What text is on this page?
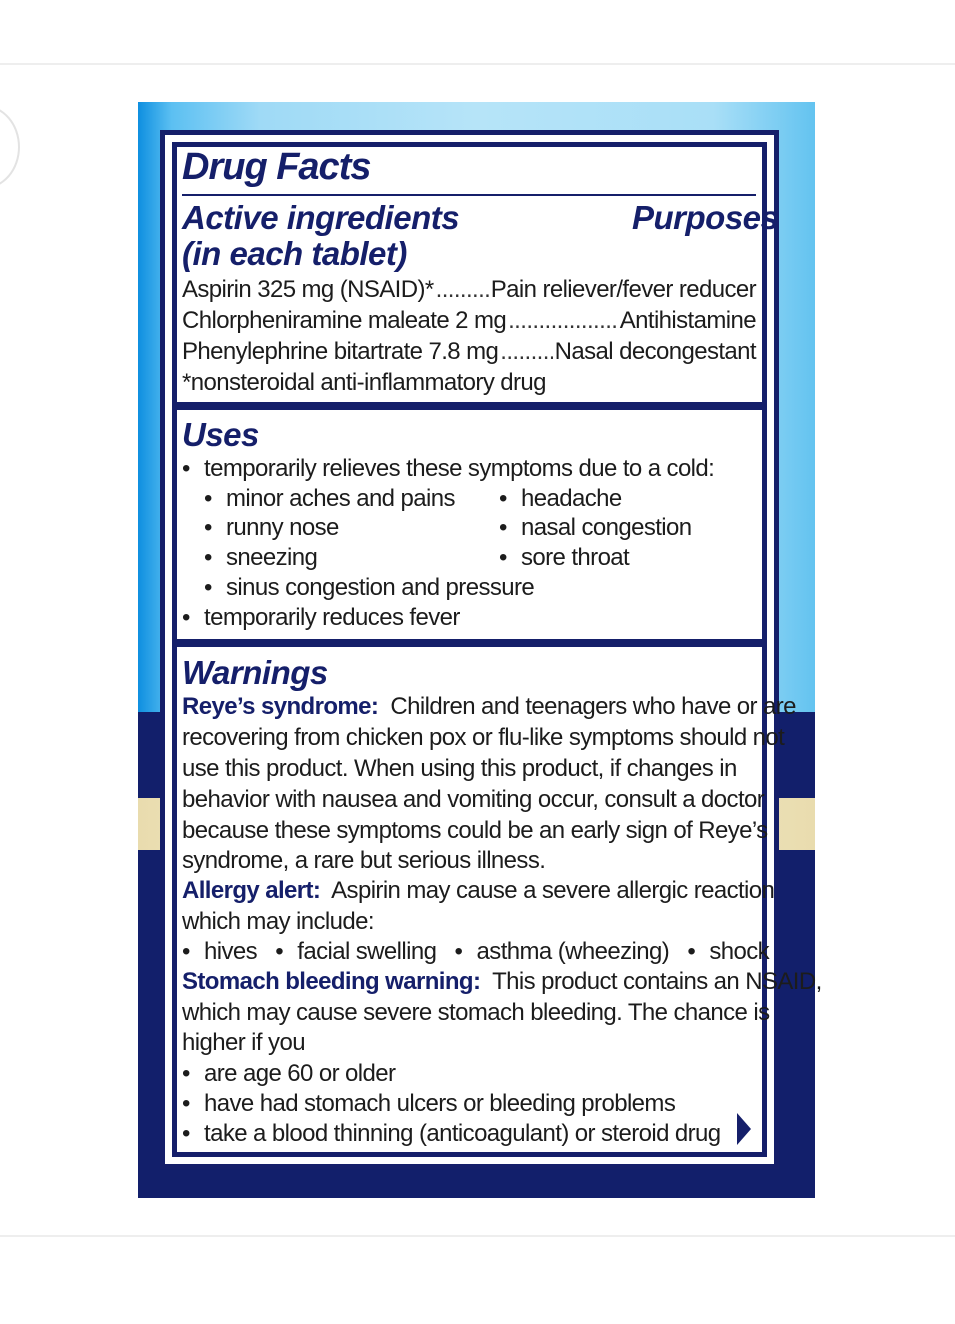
Drug Facts
Active ingredients
(in each tablet)
Purposes
Aspirin 325 mg (NSAID)* ..... Pain reliever/fever reducer
Chlorpheniramine maleate 2 mg .....	Antihistamine
Phenylephrine bitartrate 7.8 mg ..... Nasal decongestant
*nonsteroidal anti-inflammatory drug
Uses
• temporarily relieves these symptoms due to a cold:
• minor aches and pains
• runny nose
• sneezing
• headache
• nasal congestion
• sore throat
• sinus congestion and pressure
• temporarily reduces fever
Warnings
Reye’s syndrome: Children and teenagers who have or are
recovering from chicken pox or flu-like symptoms should not
use this product. When using this product, if changes in
behavior with nausea and vomiting occur, consult a doctor
because these symptoms could be an early sign of Reye’s
syndrome, a rare but serious illness.
Allergy alert: Aspirin may cause a severe allergic reaction
which may include:
• hives • facial swelling • asthma (wheezing) • shock
Stomach bleeding warning: This product contains an NSAID,
which may cause severe stomach bleeding. The chance is
higher if you
• are age 60 or older
• have had stomach ulcers or bleeding problems
• take a blood thinning (anticoagulant) or steroid drug
